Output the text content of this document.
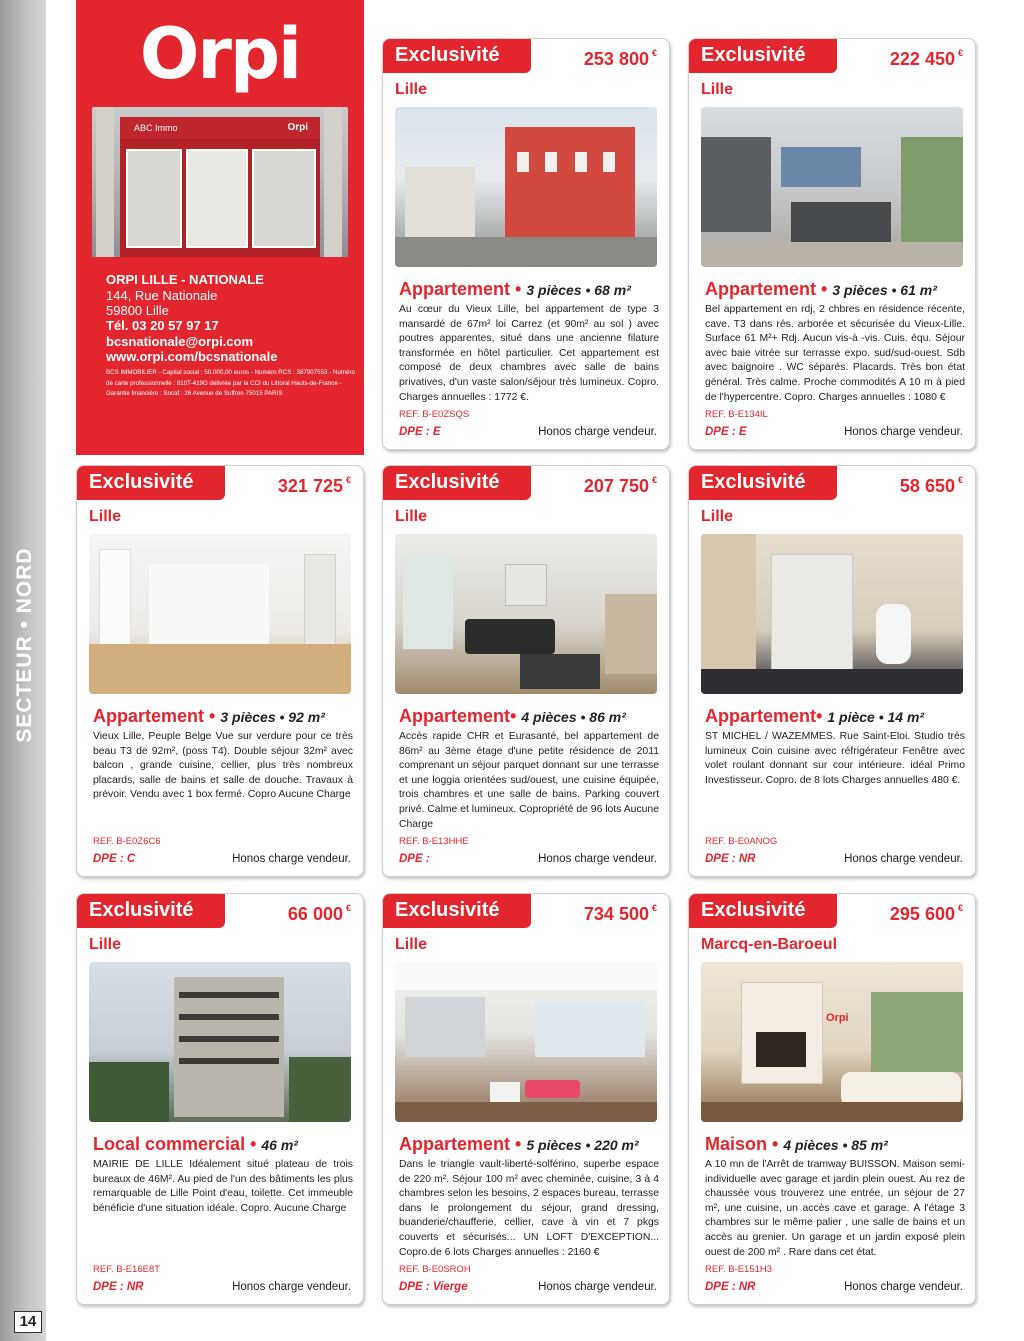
SECTEUR • NORD
14
Orpi
ABC Immo	Orpi
ORPI LILLE - NATIONALE
144, Rue Nationale
59800 Lille
Tél. 03 20 57 97 17
bcsnationale@orpi.com
www.orpi.com/bcsnationale
BCS IMMOBILIER - Capital social : 50.000,00 euros - Numéro RCS : 387907553 - Numéro de carte professionnelle : 810T-419G délivrée par la CCI du Littoral Hauts-de-France - Garantie financière : Socaf : 26 Avenue de Suffren 75015 PARIS
Exclusivité	253 800 €
Lille
Appartement • 3 pièces • 68 m²
Au cœur du Vieux Lille, bel appartement de type 3 mansardé de 67m² loi Carrez (et 90m² au sol ) avec poutres apparentes, situé dans une ancienne filature transformée en hôtel particulier. Cet appartement est composé de deux chambres avec salle de bains privatives, d'un vaste salon/séjour très lumineux. Copro. Charges annuelles : 1772 €.
REF. B-E0ZSQS
DPE : E	Honos charge vendeur.
Exclusivité	222 450 €
Lille
Appartement • 3 pièces • 61 m²
Bel appartement en rdj, 2 chbres en résidence récente, cave. T3 dans rés. arborée et sécurisée du Vieux-Lille. Surface 61 M²+ Rdj. Aucun vis-à -vis. Cuis. équ. Séjour avec baie vitrée sur terrasse expo. sud/sud-ouest. Sdb avec baignoire . WC séparés. Placards. Très bon état général. Très calme. Proche commodités A 10 m à pied de l'hypercentre. Copro. Charges annuelles : 1080 €
REF. B-E134IL
DPE : E	Honos charge vendeur.
Exclusivité	321 725 €
Lille
Appartement • 3 pièces • 92 m²
Vieux Lille, Peuple Belge Vue sur verdure pour ce très beau T3 de 92m², (poss T4). Double séjour 32m² avec balcon , grande cuisine, cellier, plus très nombreux placards, salle de bains et salle de douche. Travaux à prévoir. Vendu avec 1 box fermé. Copro Aucune Charge
REF. B-E0Z6C6
DPE : C	Honos charge vendeur.
Exclusivité	207 750 €
Lille
Appartement• 4 pièces • 86 m²
Accès rapide CHR et Eurasanté, bel appartement de 86m² au 3ème étage d'une petite résidence de 2011 comprenant un séjour parquet donnant sur une terrasse et une loggia orientées sud/ouest, une cuisine équipée, trois chambres et une salle de bains. Parking couvert privé. Calme et lumineux. Copropriété de 96 lots Aucune Charge
REF. B-E13HHE
DPE :	Honos charge vendeur.
Exclusivité	58 650 €
Lille
Appartement• 1 pièce • 14 m²
ST MICHEL / WAZEMMES. Rue Saint-Eloi. Studio très lumineux Coin cuisine avec réfrigérateur Fenêtre avec volet roulant donnant sur cour intérieure. idéal Primo Investisseur. Copro. de 8 lots Charges annuelles 480 €.
REF. B-E0ANOG
DPE : NR	Honos charge vendeur.
Exclusivité	66 000 €
Lille
Local commercial • 46 m²
MAIRIE DE LILLE Idéalement situé plateau de trois bureaux de 46M². Au pied de l'un des bâtiments les plus remarquable de Lille Point d'eau, toilette. Cet immeuble bénéficie d'une situation idéale. Copro. Aucune Charge
REF. B-E16E8T
DPE : NR	Honos charge vendeur.
Exclusivité	734 500 €
Lille
Appartement • 5 pièces • 220 m²
Dans le triangle vault-liberté-solférino, superbe espace de 220 m². Séjour 100 m² avec cheminée, cuisine, 3 à 4 chambres selon les besoins, 2 espaces bureau, terrasse dans le prolongement du séjour, grand dressing, buanderie/chaufferie, cellier, cave à vin et 7 pkgs couverts et sécurisés... UN LOFT D'EXCEPTION... Copro.de 6 lots Charges annuelles : 2160 €
REF. B-E0SROH
DPE : Vierge	Honos charge vendeur.
Exclusivité	295 600 €
Marcq-en-Baroeul
Orpi
Maison • 4 pièces • 85 m²
A 10 mn de l'Arrêt de tramway BUISSON. Maison semi-individuelle avec garage et jardin plein ouest. Au rez de chaussée vous trouverez une entrée, un séjour de 27 m², une cuisine, un accès cave et garage. A l'étage 3 chambres sur le même palier , une salle de bains et un accès au grenier. Un garage et un jardin exposé plein ouest de 200 m² . Rare dans cet état.
REF. B-E151H3
DPE : NR	Honos charge vendeur.
